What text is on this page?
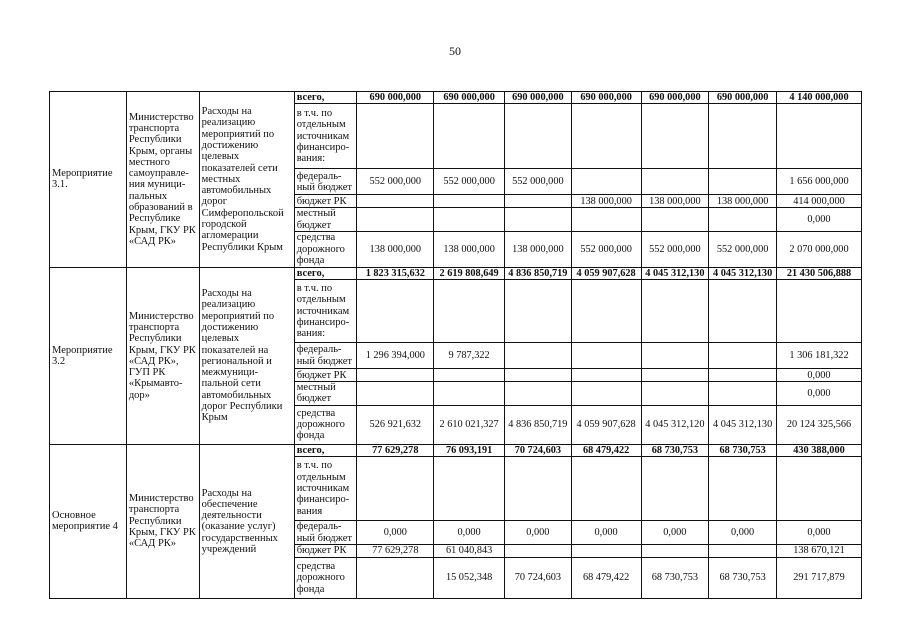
50
Мероприятие 3.1.	Министерство транспорта Республики Крым, органы местного самоуправле-ния муници-пальных образований в Республике Крым, ГКУ РК «САД РК»	Расходы на реализацию мероприятий по достижению целевых показателей сети местных автомобильных дорог Симферопольской городской агломерации Республики Крым	всего,	690 000,000	690 000,000	690 000,000	690 000,000	690 000,000	690 000,000	4 140 000,000
			в т.ч. по отдельным источникам финансиро-вания:							
			федераль-ный бюджет	552 000,000	552 000,000	552 000,000				1 656 000,000
			бюджет РК				138 000,000	138 000,000	138 000,000	414 000,000
			местный бюджет							0,000
			средства дорожного фонда	138 000,000	138 000,000	138 000,000	552 000,000	552 000,000	552 000,000	2 070 000,000
Мероприятие 3.2	Министерство транспорта Республики Крым, ГКУ РК «САД РК», ГУП РК «Крымавто-дор»	Расходы на реализацию мероприятий по достижению целевых показателей на региональной и межмуници-пальной сети автомобильных дорог Республики Крым	всего,	1 823 315,632	2 619 808,649	4 836 850,719	4 059 907,628	4 045 312,130	4 045 312,130	21 430 506,888
			в т.ч. по отдельным источникам финансиро-вания:							
			федераль-ный бюджет	1 296 394,000	9 787,322					1 306 181,322
			бюджет РК							0,000
			местный бюджет							0,000
			средства дорожного фонда	526 921,632	2 610 021,327	4 836 850,719	4 059 907,628	4 045 312,120	4 045 312,130	20 124 325,566
Основное мероприятие 4	Министерство транспорта Республики Крым, ГКУ РК «САД РК»	Расходы на обеспечение деятельности (оказание услуг) государственных учреждений	всего,	77 629,278	76 093,191	70 724,603	68 479,422	68 730,753	68 730,753	430 388,000
			в т.ч. по отдельным источникам финансиро-вания							
			федераль-ный бюджет	0,000	0,000	0,000	0,000	0,000	0,000	0,000
			бюджет РК	77 629,278	61 040,843					138 670,121
			средства дорожного фонда		15 052,348	70 724,603	68 479,422	68 730,753	68 730,753	291 717,879
